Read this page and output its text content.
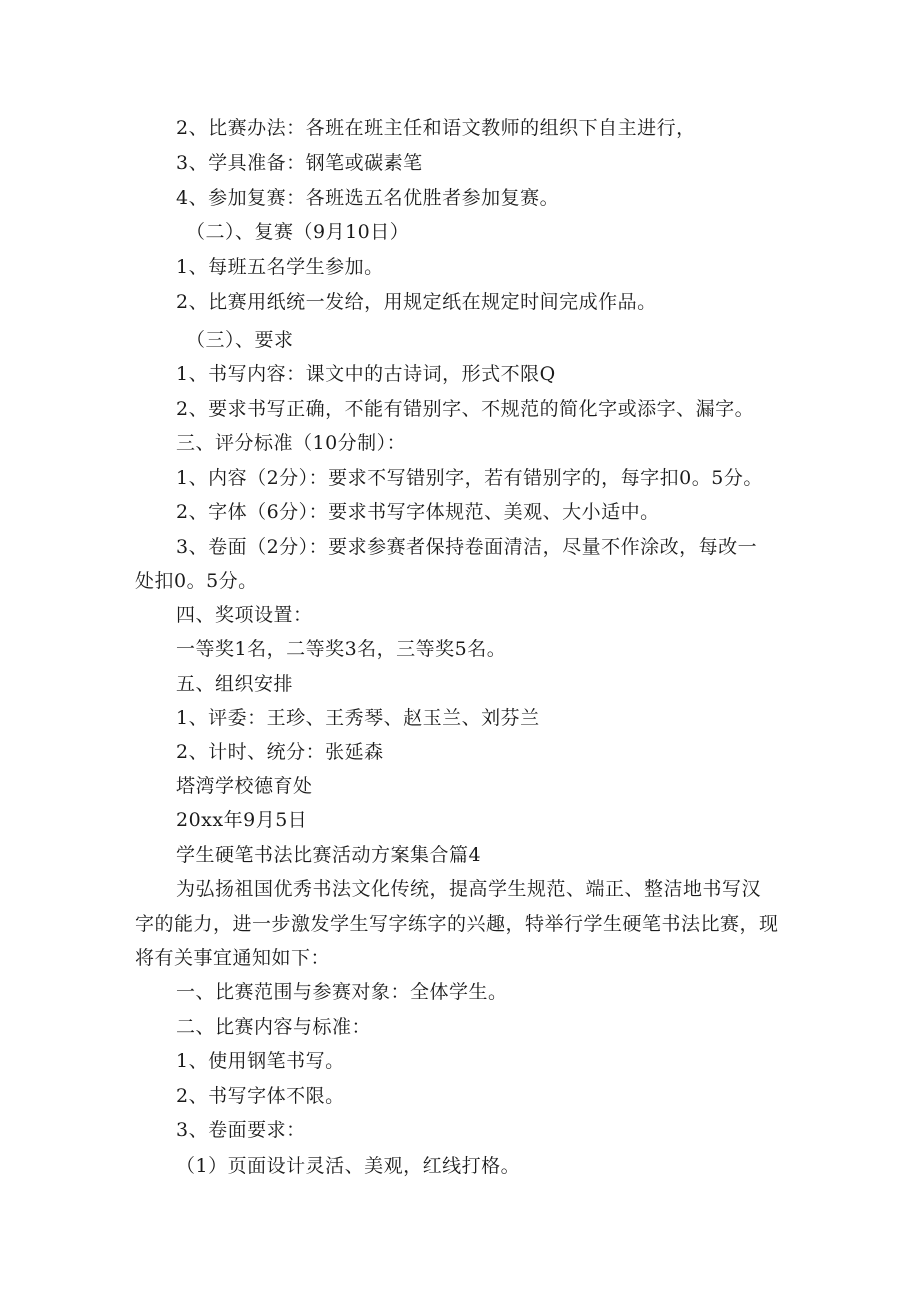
2、比赛办法：各班在班主任和语文教师的组织下自主进行，
3、学具准备：钢笔或碳素笔
4、参加复赛：各班选五名优胜者参加复赛。
（二）、复赛（9月10日）
1、每班五名学生参加。
2、比赛用纸统一发给，用规定纸在规定时间完成作品。
（三）、要求
1、书写内容：课文中的古诗词，形式不限Q
2、要求书写正确，不能有错别字、不规范的简化字或添字、漏字。
三、评分标准（10分制）：
1、内容（2分）：要求不写错别字，若有错别字的，每字扣0。5分。
2、字体（6分）：要求书写字体规范、美观、大小适中。
3、卷面（2分）：要求参赛者保持卷面清洁，尽量不作涂改，每改一
处扣0。5分。
四、奖项设置：
一等奖1名，二等奖3名，三等奖5名。
五、组织安排
1、评委：王珍、王秀琴、赵玉兰、刘芬兰
2、计时、统分：张延森
塔湾学校德育处
20xx年9月5日
学生硬笔书法比赛活动方案集合篇4
为弘扬祖国优秀书法文化传统，提高学生规范、端正、整洁地书写汉
字的能力，进一步激发学生写字练字的兴趣，特举行学生硬笔书法比赛，现
将有关事宜通知如下：
一、比赛范围与参赛对象：全体学生。
二、比赛内容与标准：
1、使用钢笔书写。
2、书写字体不限。
3、卷面要求：
（1）页面设计灵活、美观，红线打格。
